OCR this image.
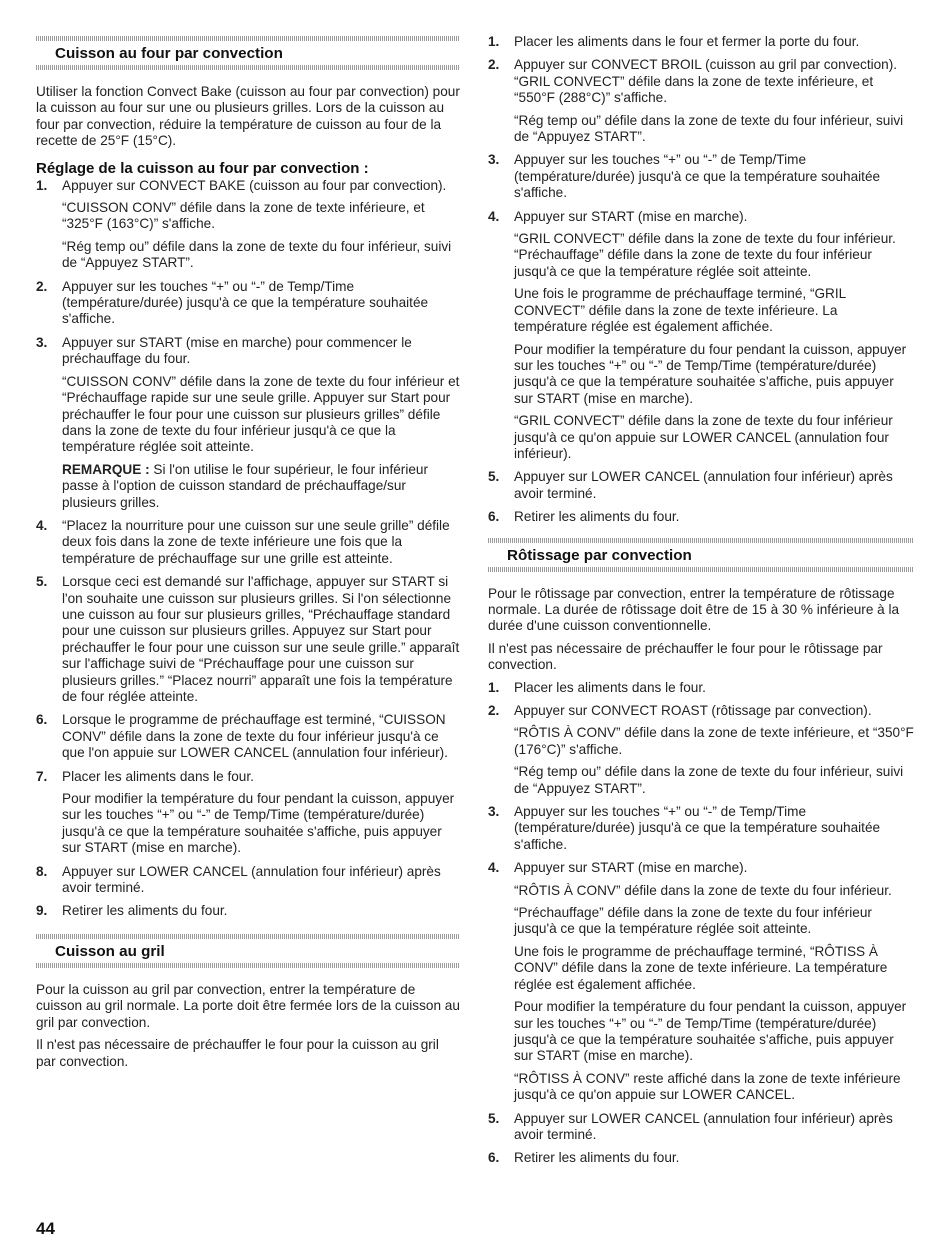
Cuisson au four par convection

Utiliser la fonction Convect Bake (cuisson au four par convection) pour la cuisson au four sur une ou plusieurs grilles. Lors de la cuisson au four par convection, réduire la température de cuisson au four de la recette de 25°F (15°C).

Réglage de la cuisson au four par convection :
1. Appuyer sur CONVECT BAKE (cuisson au four par convection).

“CUISSON CONV” défile dans la zone de texte inférieure, et “325°F (163°C)” s'affiche.

“Rég temp ou” défile dans la zone de texte du four inférieur, suivi de “Appuyez START”.

2. Appuyer sur les touches “+” ou “-” de Temp/Time (température/durée) jusqu'à ce que la température souhaitée s'affiche.

3. Appuyer sur START (mise en marche) pour commencer le préchauffage du four.

“CUISSON CONV” défile dans la zone de texte du four inférieur et “Préchauffage rapide sur une seule grille. Appuyer sur Start pour préchauffer le four pour une cuisson sur plusieurs grilles” défile dans la zone de texte du four inférieur jusqu'à ce que la température réglée soit atteinte.

REMARQUE : Si l'on utilise le four supérieur, le four inférieur passe à l'option de cuisson standard de préchauffage/sur plusieurs grilles.

4. “Placez la nourriture pour une cuisson sur une seule grille” défile deux fois dans la zone de texte inférieure une fois que la température de préchauffage sur une grille est atteinte.

5. Lorsque ceci est demandé sur l'affichage, appuyer sur START si l'on souhaite une cuisson sur plusieurs grilles. Si l'on sélectionne une cuisson au four sur plusieurs grilles, “Préchauffage standard pour une cuisson sur plusieurs grilles. Appuyez sur Start pour préchauffer le four pour une cuisson sur une seule grille.” apparaît sur l'affichage suivi de “Préchauffage pour une cuisson sur plusieurs grilles.” “Placez nourri” apparaît une fois la température de four réglée atteinte.

6. Lorsque le programme de préchauffage est terminé, “CUISSON CONV” défile dans la zone de texte du four inférieur jusqu'à ce que l'on appuie sur LOWER CANCEL (annulation four inférieur).

7. Placer les aliments dans le four.

Pour modifier la température du four pendant la cuisson, appuyer sur les touches “+” ou “-” de Temp/Time (température/durée) jusqu'à ce que la température souhaitée s'affiche, puis appuyer sur START (mise en marche).

8. Appuyer sur LOWER CANCEL (annulation four inférieur) après avoir terminé.

9. Retirer les aliments du four.

Cuisson au gril

Pour la cuisson au gril par convection, entrer la température de cuisson au gril normale. La porte doit être fermée lors de la cuisson au gril par convection.

Il n'est pas nécessaire de préchauffer le four pour la cuisson au gril par convection.

1. Placer les aliments dans le four et fermer la porte du four.

2. Appuyer sur CONVECT BROIL (cuisson au gril par convection). “GRIL CONVECT” défile dans la zone de texte inférieure, et “550°F (288°C)” s'affiche.

“Rég temp ou” défile dans la zone de texte du four inférieur, suivi de “Appuyez START”.

3. Appuyer sur les touches “+” ou “-” de Temp/Time (température/durée) jusqu'à ce que la température souhaitée s'affiche.

4. Appuyer sur START (mise en marche).

“GRIL CONVECT” défile dans la zone de texte du four inférieur. “Préchauffage” défile dans la zone de texte du four inférieur jusqu'à ce que la température réglée soit atteinte.

Une fois le programme de préchauffage terminé, “GRIL CONVECT” défile dans la zone de texte inférieure. La température réglée est également affichée.

Pour modifier la température du four pendant la cuisson, appuyer sur les touches “+” ou “-” de Temp/Time (température/durée) jusqu'à ce que la température souhaitée s'affiche, puis appuyer sur START (mise en marche).

“GRIL CONVECT” défile dans la zone de texte du four inférieur jusqu'à ce qu'on appuie sur LOWER CANCEL (annulation four inférieur).

5. Appuyer sur LOWER CANCEL (annulation four inférieur) après avoir terminé.

6. Retirer les aliments du four.

Rôtissage par convection

Pour le rôtissage par convection, entrer la température de rôtissage normale. La durée de rôtissage doit être de 15 à 30 % inférieure à la durée d'une cuisson conventionnelle.

Il n'est pas nécessaire de préchauffer le four pour le rôtissage par convection.

1. Placer les aliments dans le four.

2. Appuyer sur CONVECT ROAST (rôtissage par convection).

“RÔTIS À CONV” défile dans la zone de texte inférieure, et “350°F (176°C)” s'affiche.

“Rég temp ou” défile dans la zone de texte du four inférieur, suivi de “Appuyez START”.

3. Appuyer sur les touches “+” ou “-” de Temp/Time (température/durée) jusqu'à ce que la température souhaitée s'affiche.

4. Appuyer sur START (mise en marche).

“RÔTIS À CONV” défile dans la zone de texte du four inférieur.

“Préchauffage” défile dans la zone de texte du four inférieur jusqu'à ce que la température réglée soit atteinte.

Une fois le programme de préchauffage terminé, “RÔTISS À CONV” défile dans la zone de texte inférieure. La température réglée est également affichée.

Pour modifier la température du four pendant la cuisson, appuyer sur les touches “+” ou “-” de Temp/Time (température/durée) jusqu'à ce que la température souhaitée s'affiche, puis appuyer sur START (mise en marche).

“RÔTISS À CONV” reste affiché dans la zone de texte inférieure jusqu'à ce qu'on appuie sur LOWER CANCEL.

5. Appuyer sur LOWER CANCEL (annulation four inférieur) après avoir terminé.

6. Retirer les aliments du four.

44
